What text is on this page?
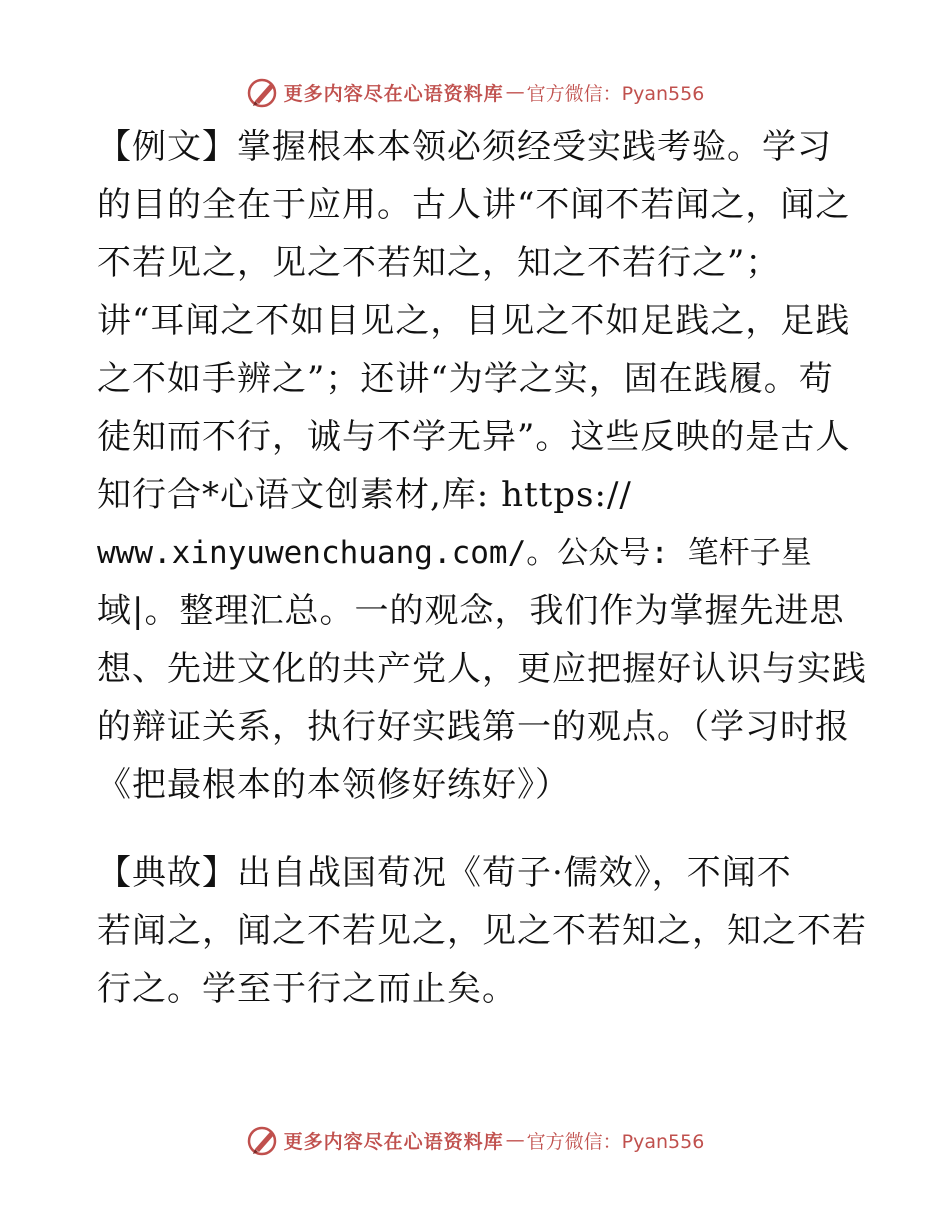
更多内容尽在心语资料库 — 官方微信：Pyan556
【例文】掌握根本本领必须经受实践考验。学习
的目的全在于应用。古人讲“不闻不若闻之，闻之
不若见之，见之不若知之，知之不若行之”；
讲“耳闻之不如目见之，目见之不如足践之，足践
之不如手辨之”；还讲“为学之实，固在践履。苟
徒知而不行，诚与不学无异”。这些反映的是古人
知行合*心语文创素材,库: https://
www.xinyuwenchuang.com/。公众号: 笔杆子星
域|。整理汇总。一的观念，我们作为掌握先进思
想、先进文化的共产党人，更应把握好认识与实践
的辩证关系，执行好实践第一的观点。（学习时报
《把最根本的本领修好练好》）
【典故】出自战国荀况《荀子·儒效》，不闻不
若闻之，闻之不若见之，见之不若知之，知之不若
行之。学至于行之而止矣。
更多内容尽在心语资料库 — 官方微信：Pyan556
